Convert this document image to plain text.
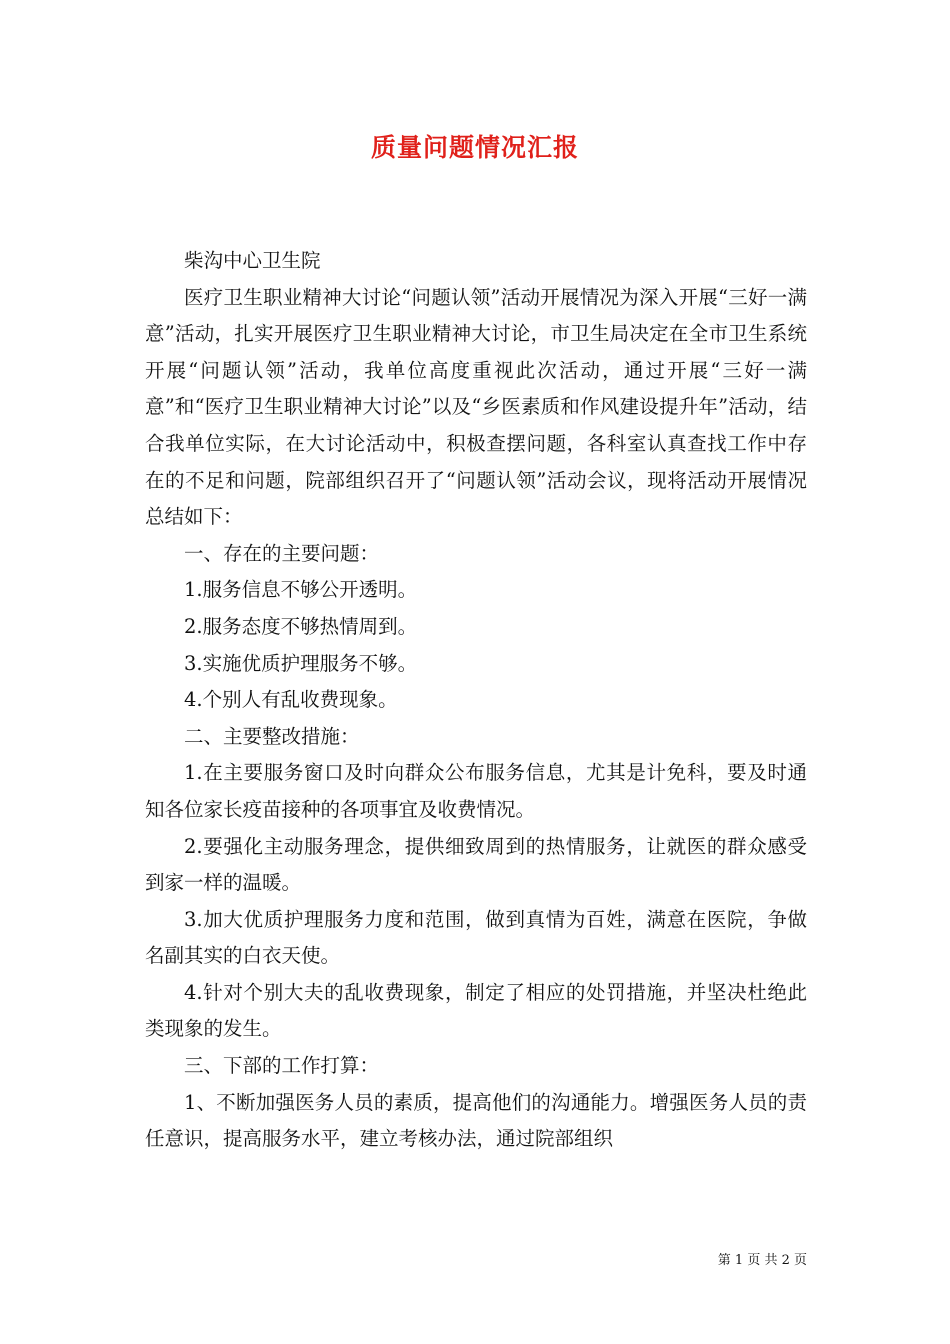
质量问题情况汇报

柴沟中心卫生院

医疗卫生职业精神大讨论“问题认领”活动开展情况为深入开展“三好一满意”活动，扎实开展医疗卫生职业精神大讨论，市卫生局决定在全市卫生系统开展“问题认领”活动，我单位高度重视此次活动，通过开展“三好一满意”和“医疗卫生职业精神大讨论”以及“乡医素质和作风建设提升年”活动，结合我单位实际，在大讨论活动中，积极查摆问题，各科室认真查找工作中存在的不足和问题，院部组织召开了“问题认领”活动会议，现将活动开展情况总结如下：

一、存在的主要问题：

1.服务信息不够公开透明。

2.服务态度不够热情周到。

3.实施优质护理服务不够。

4.个别人有乱收费现象。

二、主要整改措施：

1.在主要服务窗口及时向群众公布服务信息，尤其是计免科，要及时通知各位家长疫苗接种的各项事宜及收费情况。

2.要强化主动服务理念，提供细致周到的热情服务，让就医的群众感受到家一样的温暖。

3.加大优质护理服务力度和范围，做到真情为百姓，满意在医院，争做名副其实的白衣天使。

4.针对个别大夫的乱收费现象，制定了相应的处罚措施，并坚决杜绝此类现象的发生。

三、下部的工作打算：

1、不断加强医务人员的素质，提高他们的沟通能力。增强医务人员的责任意识，提高服务水平，建立考核办法，通过院部组织

第 1 页 共 2 页
